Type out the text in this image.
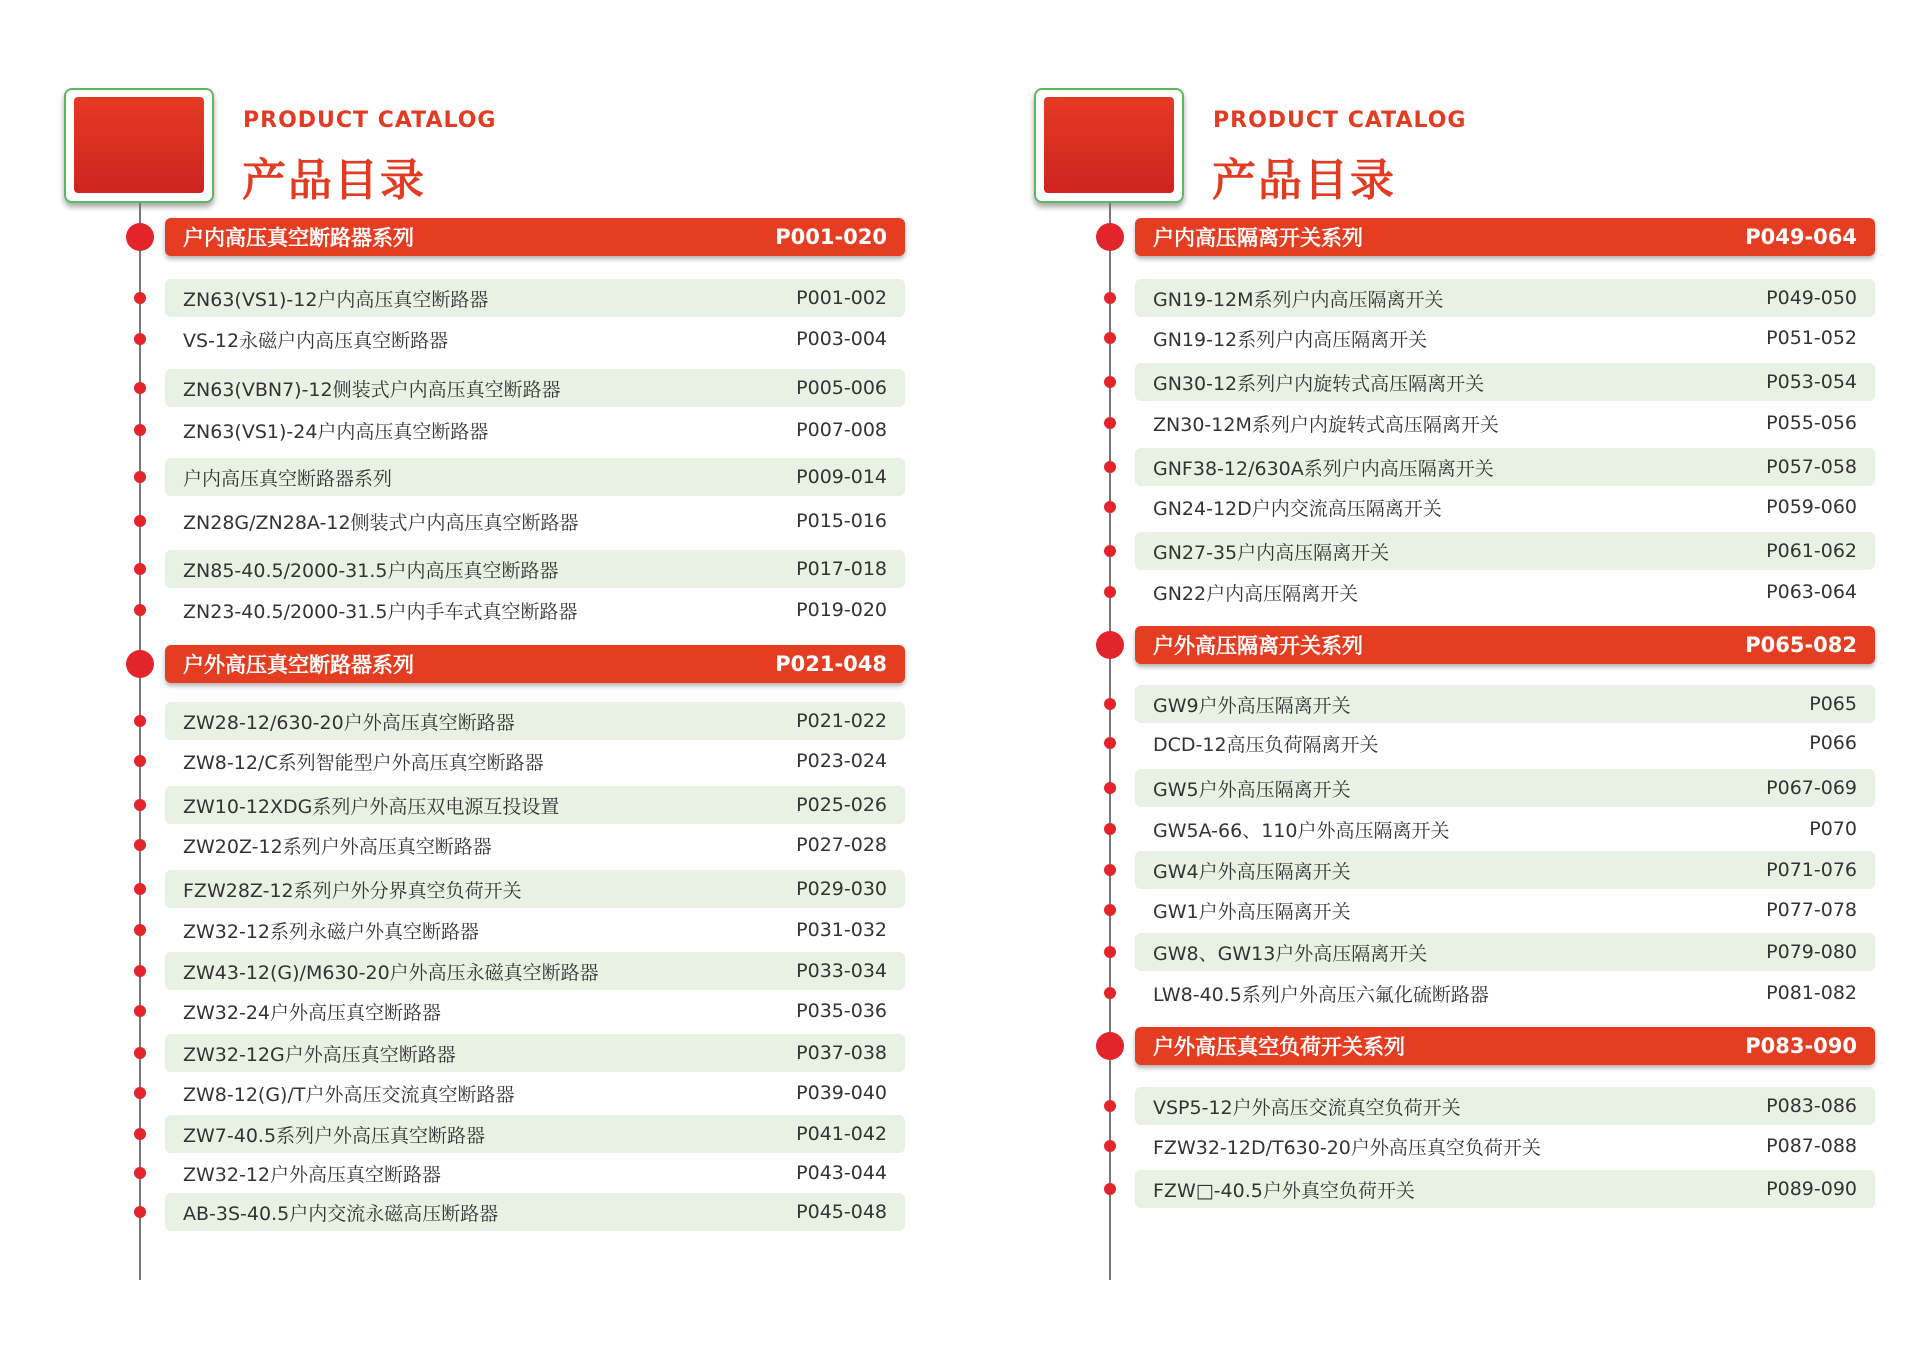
PRODUCT CATALOG
产品目录
户内高压真空断路器系列	P001-020
ZN63(VS1)-12户内高压真空断路器	P001-002
VS-12永磁户内高压真空断路器	P003-004
ZN63(VBN7)-12侧装式户内高压真空断路器	P005-006
ZN63(VS1)-24户内高压真空断路器	P007-008
户内高压真空断路器系列	P009-014
ZN28G/ZN28A-12侧装式户内高压真空断路器	P015-016
ZN85-40.5/2000-31.5户内高压真空断路器	P017-018
ZN23-40.5/2000-31.5户内手车式真空断路器	P019-020
户外高压真空断路器系列	P021-048
ZW28-12/630-20户外高压真空断路器	P021-022
ZW8-12/C系列智能型户外高压真空断路器	P023-024
ZW10-12XDG系列户外高压双电源互投设置	P025-026
ZW20Z-12系列户外高压真空断路器	P027-028
FZW28Z-12系列户外分界真空负荷开关	P029-030
ZW32-12系列永磁户外真空断路器	P031-032
ZW43-12(G)/M630-20户外高压永磁真空断路器	P033-034
ZW32-24户外高压真空断路器	P035-036
ZW32-12G户外高压真空断路器	P037-038
ZW8-12(G)/T户外高压交流真空断路器	P039-040
ZW7-40.5系列户外高压真空断路器	P041-042
ZW32-12户外高压真空断路器	P043-044
AB-3S-40.5户内交流永磁高压断路器	P045-048
PRODUCT CATALOG
产品目录
户内高压隔离开关系列	P049-064
GN19-12M系列户内高压隔离开关	P049-050
GN19-12系列户内高压隔离开关	P051-052
GN30-12系列户内旋转式高压隔离开关	P053-054
ZN30-12M系列户内旋转式高压隔离开关	P055-056
GNF38-12/630A系列户内高压隔离开关	P057-058
GN24-12D户内交流高压隔离开关	P059-060
GN27-35户内高压隔离开关	P061-062
GN22户内高压隔离开关	P063-064
户外高压隔离开关系列	P065-082
GW9户外高压隔离开关	P065
DCD-12高压负荷隔离开关	P066
GW5户外高压隔离开关	P067-069
GW5A-66、110户外高压隔离开关	P070
GW4户外高压隔离开关	P071-076
GW1户外高压隔离开关	P077-078
GW8、GW13户外高压隔离开关	P079-080
LW8-40.5系列户外高压六氟化硫断路器	P081-082
户外高压真空负荷开关系列	P083-090
VSP5-12户外高压交流真空负荷开关	P083-086
FZW32-12D/T630-20户外高压真空负荷开关	P087-088
FZW□-40.5户外真空负荷开关	P089-090
